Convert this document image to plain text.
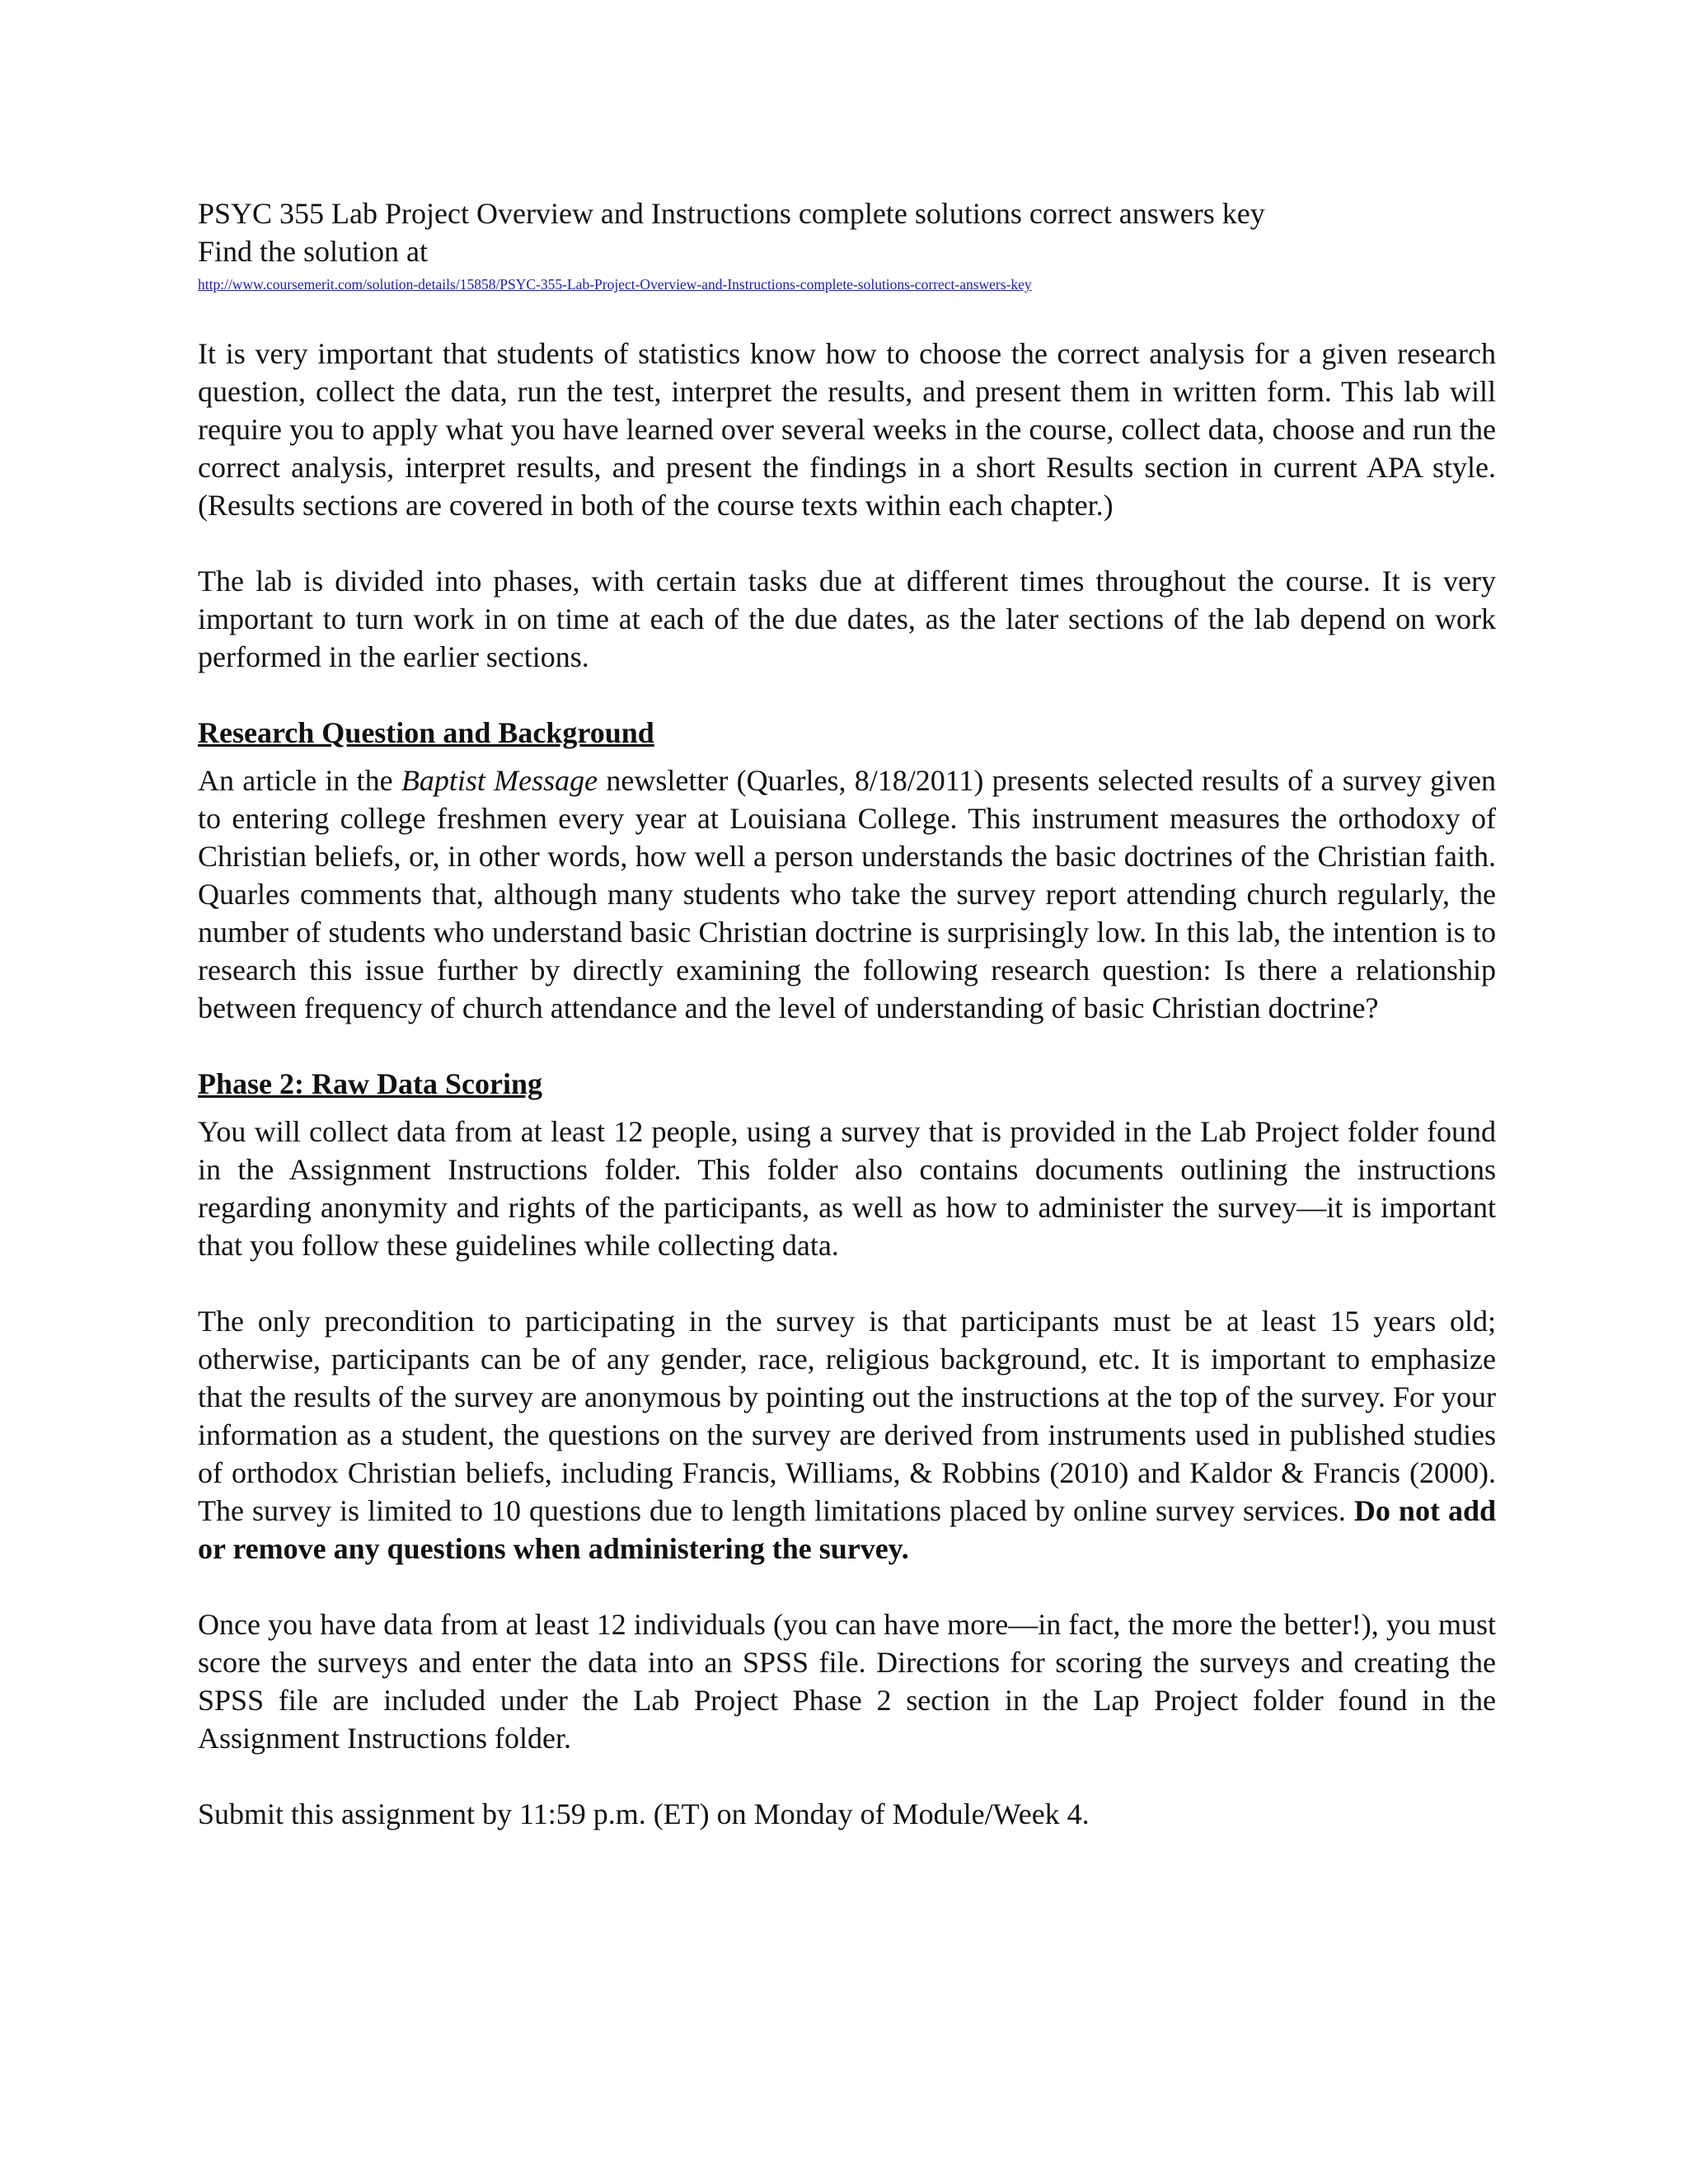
PSYC 355 Lab Project Overview and Instructions complete solutions correct answers key
Find the solution at
http://www.coursemerit.com/solution-details/15858/PSYC-355-Lab-Project-Overview-and-Instructions-complete-solutions-correct-answers-key

It is very important that students of statistics know how to choose the correct analysis for a given research question, collect the data, run the test, interpret the results, and present them in written form. This lab will require you to apply what you have learned over several weeks in the course, collect data, choose and run the correct analysis, interpret results, and present the findings in a short Results section in current APA style. (Results sections are covered in both of the course texts within each chapter.)

The lab is divided into phases, with certain tasks due at different times throughout the course. It is very important to turn work in on time at each of the due dates, as the later sections of the lab depend on work performed in the earlier sections.

Research Question and Background

An article in the Baptist Message newsletter (Quarles, 8/18/2011) presents selected results of a survey given to entering college freshmen every year at Louisiana College. This instrument measures the orthodoxy of Christian beliefs, or, in other words, how well a person understands the basic doctrines of the Christian faith. Quarles comments that, although many students who take the survey report attending church regularly, the number of students who understand basic Christian doctrine is surprisingly low. In this lab, the intention is to research this issue further by directly examining the following research question: Is there a relationship between frequency of church attendance and the level of understanding of basic Christian doctrine?

Phase 2: Raw Data Scoring

You will collect data from at least 12 people, using a survey that is provided in the Lab Project folder found in the Assignment Instructions folder. This folder also contains documents outlining the instructions regarding anonymity and rights of the participants, as well as how to administer the survey—it is important that you follow these guidelines while collecting data.

The only precondition to participating in the survey is that participants must be at least 15 years old; otherwise, participants can be of any gender, race, religious background, etc. It is important to emphasize that the results of the survey are anonymous by pointing out the instructions at the top of the survey. For your information as a student, the questions on the survey are derived from instruments used in published studies of orthodox Christian beliefs, including Francis, Williams, & Robbins (2010) and Kaldor & Francis (2000). The survey is limited to 10 questions due to length limitations placed by online survey services. Do not add or remove any questions when administering the survey.

Once you have data from at least 12 individuals (you can have more—in fact, the more the better!), you must score the surveys and enter the data into an SPSS file. Directions for scoring the surveys and creating the SPSS file are included under the Lab Project Phase 2 section in the Lap Project folder found in the Assignment Instructions folder.

Submit this assignment by 11:59 p.m. (ET) on Monday of Module/Week 4.
